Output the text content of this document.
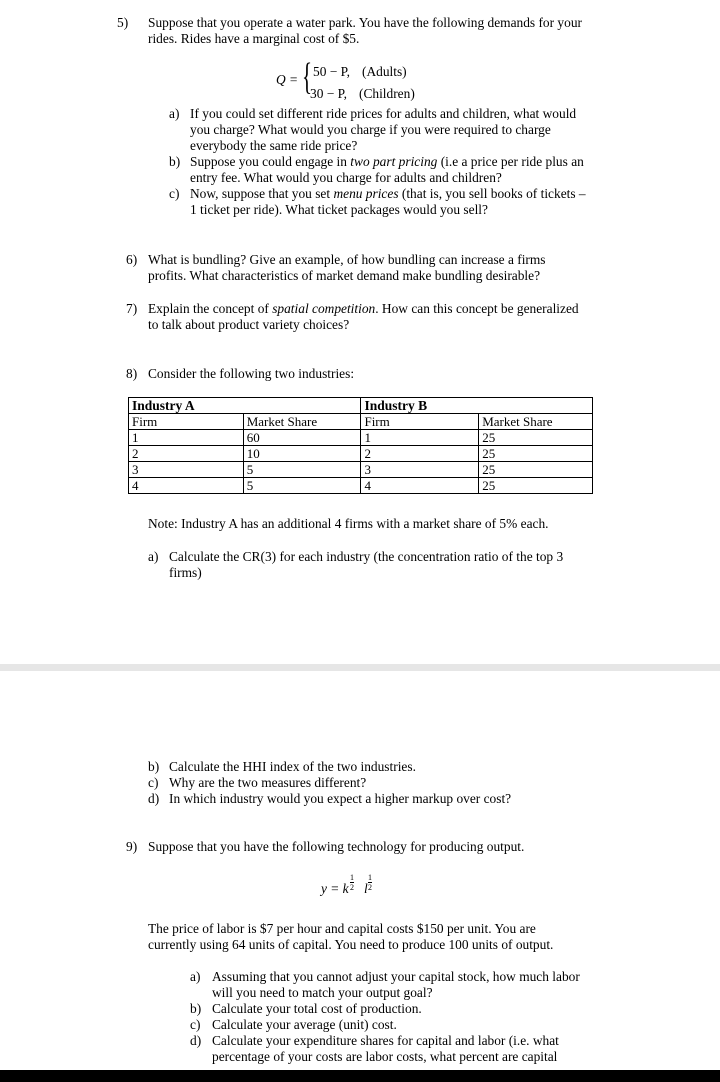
5) Suppose that you operate a water park. You have the following demands for your
rides. Rides have a marginal cost of $5.
Q = { 50 − P, (Adults)
30 − P, (Children)
a) If you could set different ride prices for adults and children, what would
you charge? What would you charge if you were required to charge
everybody the same ride price?
b) Suppose you could engage in two part pricing (i.e a price per ride plus an
entry fee. What would you charge for adults and children?
c) Now, suppose that you set menu prices (that is, you sell books of tickets –
1 ticket per ride). What ticket packages would you sell?
6) What is bundling? Give an example, of how bundling can increase a firms
profits. What characteristics of market demand make bundling desirable?
7) Explain the concept of spatial competition. How can this concept be generalized
to talk about product variety choices?
8) Consider the following two industries:
Industry A		Industry B	
Firm	Market Share	Firm	Market Share
1	60	1	25
2	10	2	25
3	5	3	25
4	5	4	25
Note: Industry A has an additional 4 firms with a market share of 5% each.
a) Calculate the CR(3) for each industry (the concentration ratio of the top 3
firms)
b) Calculate the HHI index of the two industries.
c) Why are the two measures different?
d) In which industry would you expect a higher markup over cost?
9) Suppose that you have the following technology for producing output.
y = k
1
2 l
1
2
The price of labor is $7 per hour and capital costs $150 per unit. You are
currently using 64 units of capital. You need to produce 100 units of output.
a) Assuming that you cannot adjust your capital stock, how much labor
will you need to match your output goal?
b) Calculate your total cost of production.
c) Calculate your average (unit) cost.
d) Calculate your expenditure shares for capital and labor (i.e. what
percentage of your costs are labor costs, what percent are capital
